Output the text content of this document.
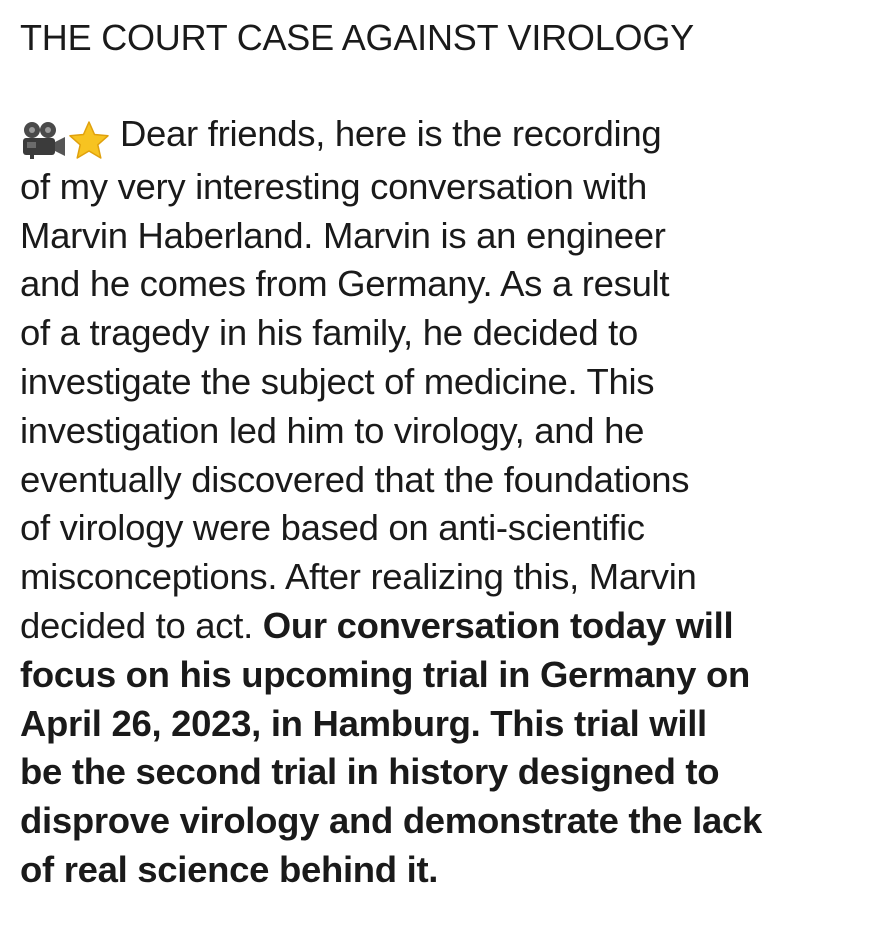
THE COURT CASE AGAINST VIROLOGY
Dear friends, here is the recording
of my very interesting conversation with
Marvin Haberland. Marvin is an engineer
and he comes from Germany. As a result
of a tragedy in his family, he decided to
investigate the subject of medicine. This
investigation led him to virology, and he
eventually discovered that the foundations
of virology were based on anti-scientific
misconceptions. After realizing this, Marvin
decided to act. Our conversation today will
focus on his upcoming trial in Germany on
April 26, 2023, in Hamburg. This trial will
be the second trial in history designed to
disprove virology and demonstrate the lack
of real science behind it.
